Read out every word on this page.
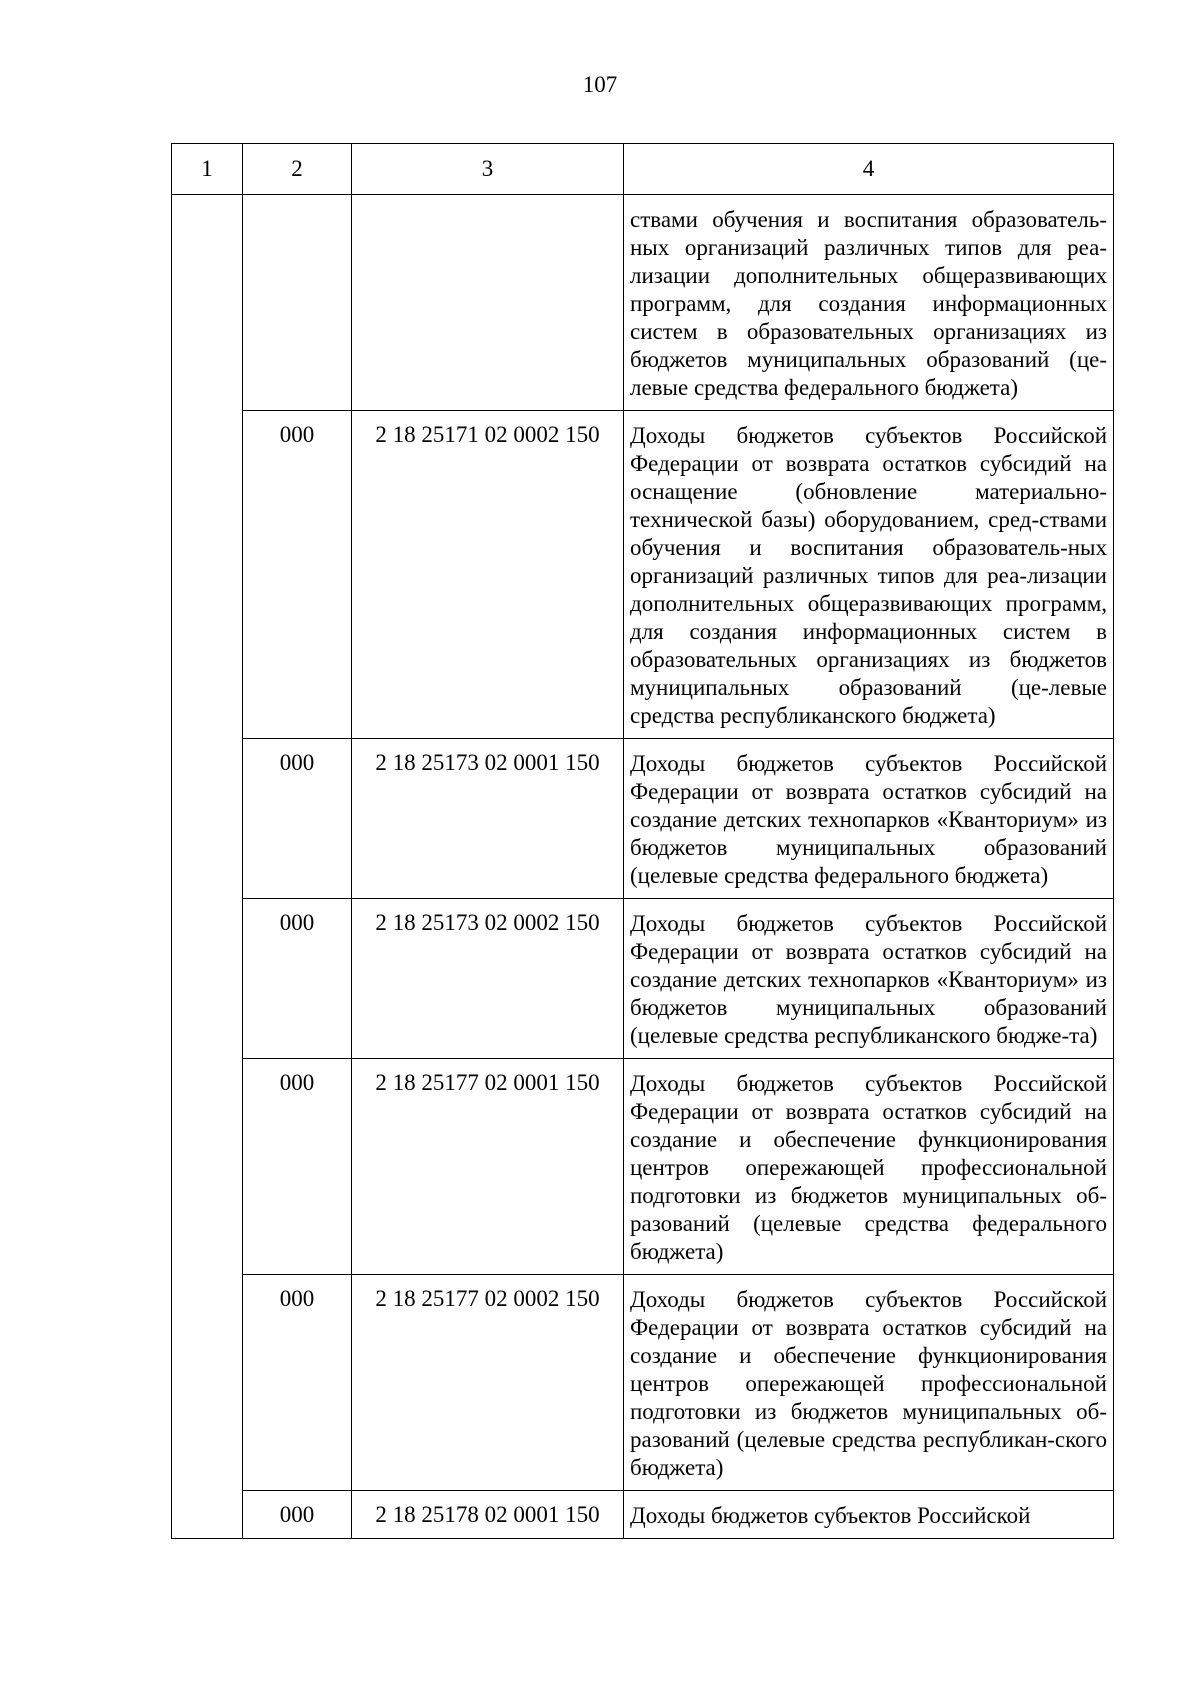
107
1	2	3	4

			ствами обучения и воспитания образователь-ных организаций различных типов для реа-лизации дополнительных общеразвивающих программ, для создания информационных систем в образовательных организациях из бюджетов муниципальных образований (це-левые средства федерального бюджета)

	000	2 18 25171 02 0002 150	Доходы бюджетов субъектов Российской Федерации от возврата остатков субсидий на оснащение (обновление материально-технической базы) оборудованием, сред-ствами обучения и воспитания образователь-ных организаций различных типов для реа-лизации дополнительных общеразвивающих программ, для создания информационных систем в образовательных организациях из бюджетов муниципальных образований (це-левые средства республиканского бюджета)

	000	2 18 25173 02 0001 150	Доходы бюджетов субъектов Российской Федерации от возврата остатков субсидий на создание детских технопарков «Кванториум» из бюджетов муниципальных образований (целевые средства федерального бюджета)

	000	2 18 25173 02 0002 150	Доходы бюджетов субъектов Российской Федерации от возврата остатков субсидий на создание детских технопарков «Кванториум» из бюджетов муниципальных образований (целевые средства республиканского бюдже-та)

	000	2 18 25177 02 0001 150	Доходы бюджетов субъектов Российской Федерации от возврата остатков субсидий на создание и обеспечение функционирования центров опережающей профессиональной подготовки из бюджетов муниципальных об-разований (целевые средства федерального бюджета)

	000	2 18 25177 02 0002 150	Доходы бюджетов субъектов Российской Федерации от возврата остатков субсидий на создание и обеспечение функционирования центров опережающей профессиональной подготовки из бюджетов муниципальных об-разований (целевые средства республикан-ского бюджета)

	000	2 18 25178 02 0001 150	Доходы бюджетов субъектов Российской
